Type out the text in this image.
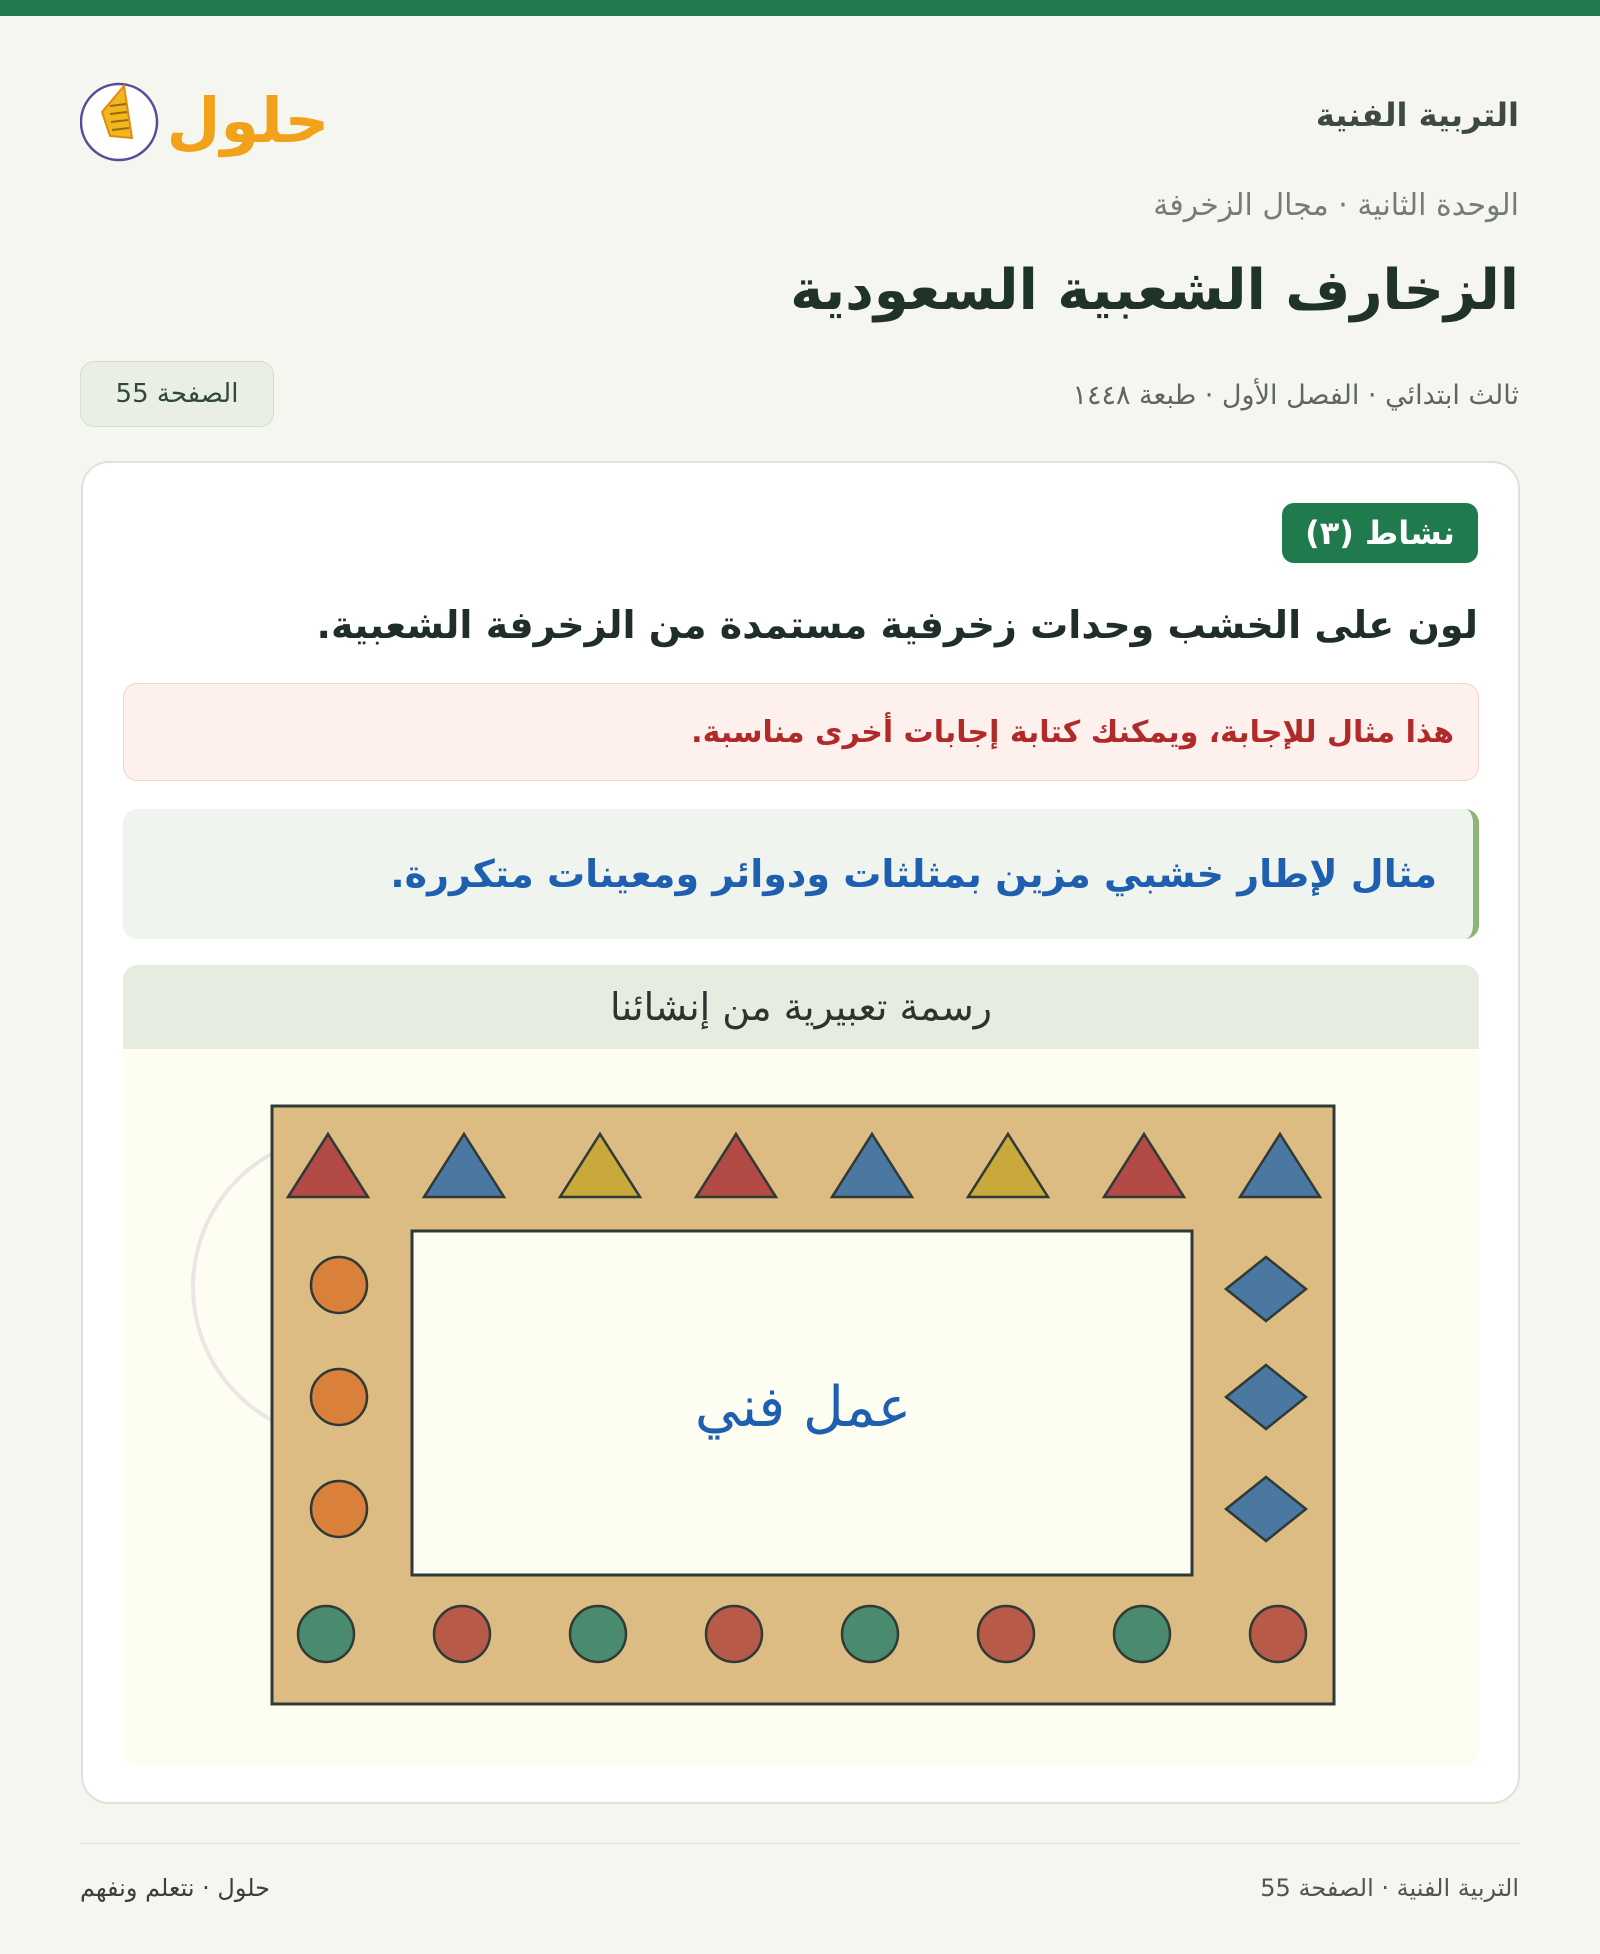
حلول	التربية الفنية
الوحدة الثانية · مجال الزخرفة
الزخارف الشعبية السعودية
ثالث ابتدائي · الفصل الأول · طبعة ١٤٤٨
الصفحة 55
نشاط (٣)
لون على الخشب وحدات زخرفية مستمدة من الزخرفة الشعبية.
هذا مثال للإجابة، ويمكنك كتابة إجابات أخرى مناسبة.
مثال لإطار خشبي مزين بمثلثات ودوائر ومعينات متكررة.
رسمة تعبيرية من إنشائنا
عمل فني
التربية الفنية · الصفحة 55
حلول · نتعلم ونفهم
